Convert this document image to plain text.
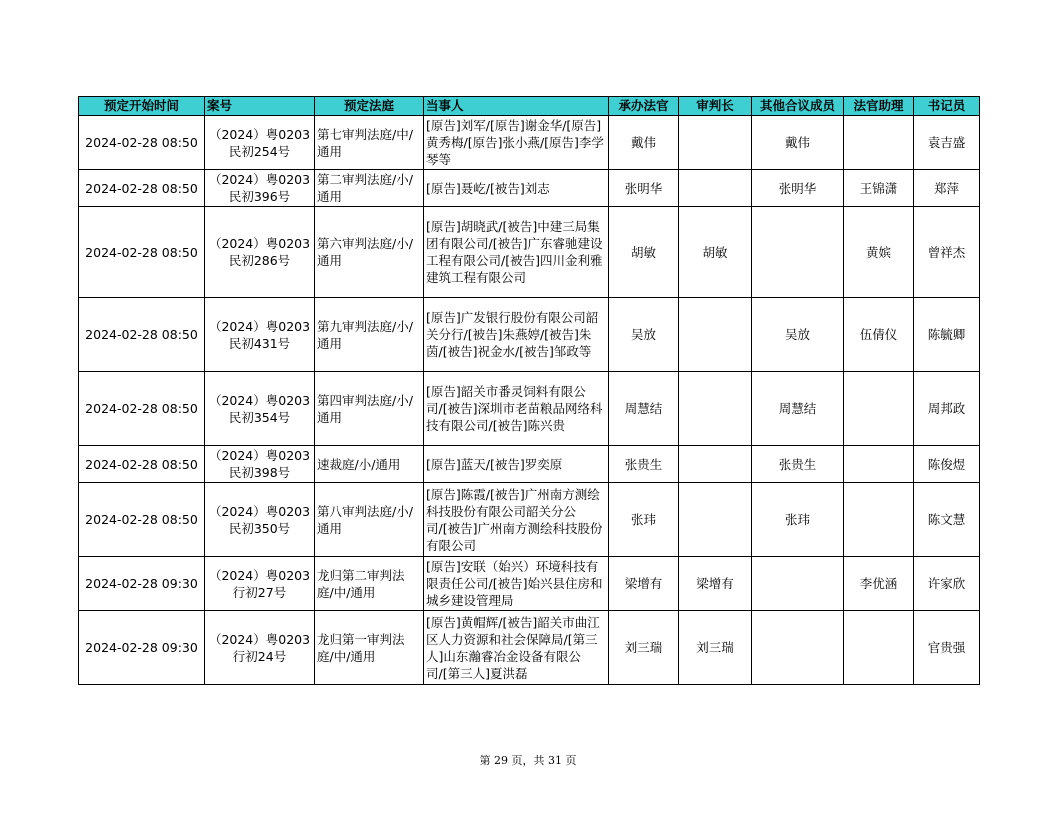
预定开始时间	案号	预定法庭	当事人	承办法官	审判长	其他合议成员	法官助理	书记员
2024-02-28 08:50	（2024）粤0203民初254号	第七审判法庭/中/通用	[原告]刘军/[原告]谢金华/[原告]黄秀梅/[原告]张小燕/[原告]李学琴等	戴伟		戴伟		袁吉盛
2024-02-28 08:50	（2024）粤0203民初396号	第二审判法庭/小/通用	[原告]聂屹/[被告]刘志	张明华		张明华	王锦潇	郑萍
2024-02-28 08:50	（2024）粤0203民初286号	第六审判法庭/小/通用	[原告]胡晓武/[被告]中建三局集团有限公司/[被告]广东睿驰建设工程有限公司/[被告]四川金利雅建筑工程有限公司	胡敏	胡敏		黄嫔	曾祥杰
2024-02-28 08:50	（2024）粤0203民初431号	第九审判法庭/小/通用	[原告]广发银行股份有限公司韶关分行/[被告]朱燕婷/[被告]朱茵/[被告]祝金水/[被告]邹政等	吴放		吴放	伍倩仪	陈毓卿
2024-02-28 08:50	（2024）粤0203民初354号	第四审判法庭/小/通用	[原告]韶关市番灵饲料有限公司/[被告]深圳市老苗粮品网络科技有限公司/[被告]陈兴贵	周慧结		周慧结		周邦政
2024-02-28 08:50	（2024）粤0203民初398号	速裁庭/小/通用	[原告]蓝天/[被告]罗奕原	张贵生		张贵生		陈俊煜
2024-02-28 08:50	（2024）粤0203民初350号	第八审判法庭/小/通用	[原告]陈霞/[被告]广州南方测绘科技股份有限公司韶关分公司/[被告]广州南方测绘科技股份有限公司	张玮		张玮		陈文慧
2024-02-28 09:30	（2024）粤0203行初27号	龙归第二审判法庭/中/通用	[原告]安联（始兴）环境科技有限责任公司/[被告]始兴县住房和城乡建设管理局	梁增有	梁增有		李优涵	许家欣
2024-02-28 09:30	（2024）粤0203行初24号	龙归第一审判法庭/中/通用	[原告]黄帽辉/[被告]韶关市曲江区人力资源和社会保障局/[第三人]山东瀚睿冶金设备有限公司/[第三人]夏洪磊	刘三瑞	刘三瑞			官贵强
第 29 页，共 31 页
